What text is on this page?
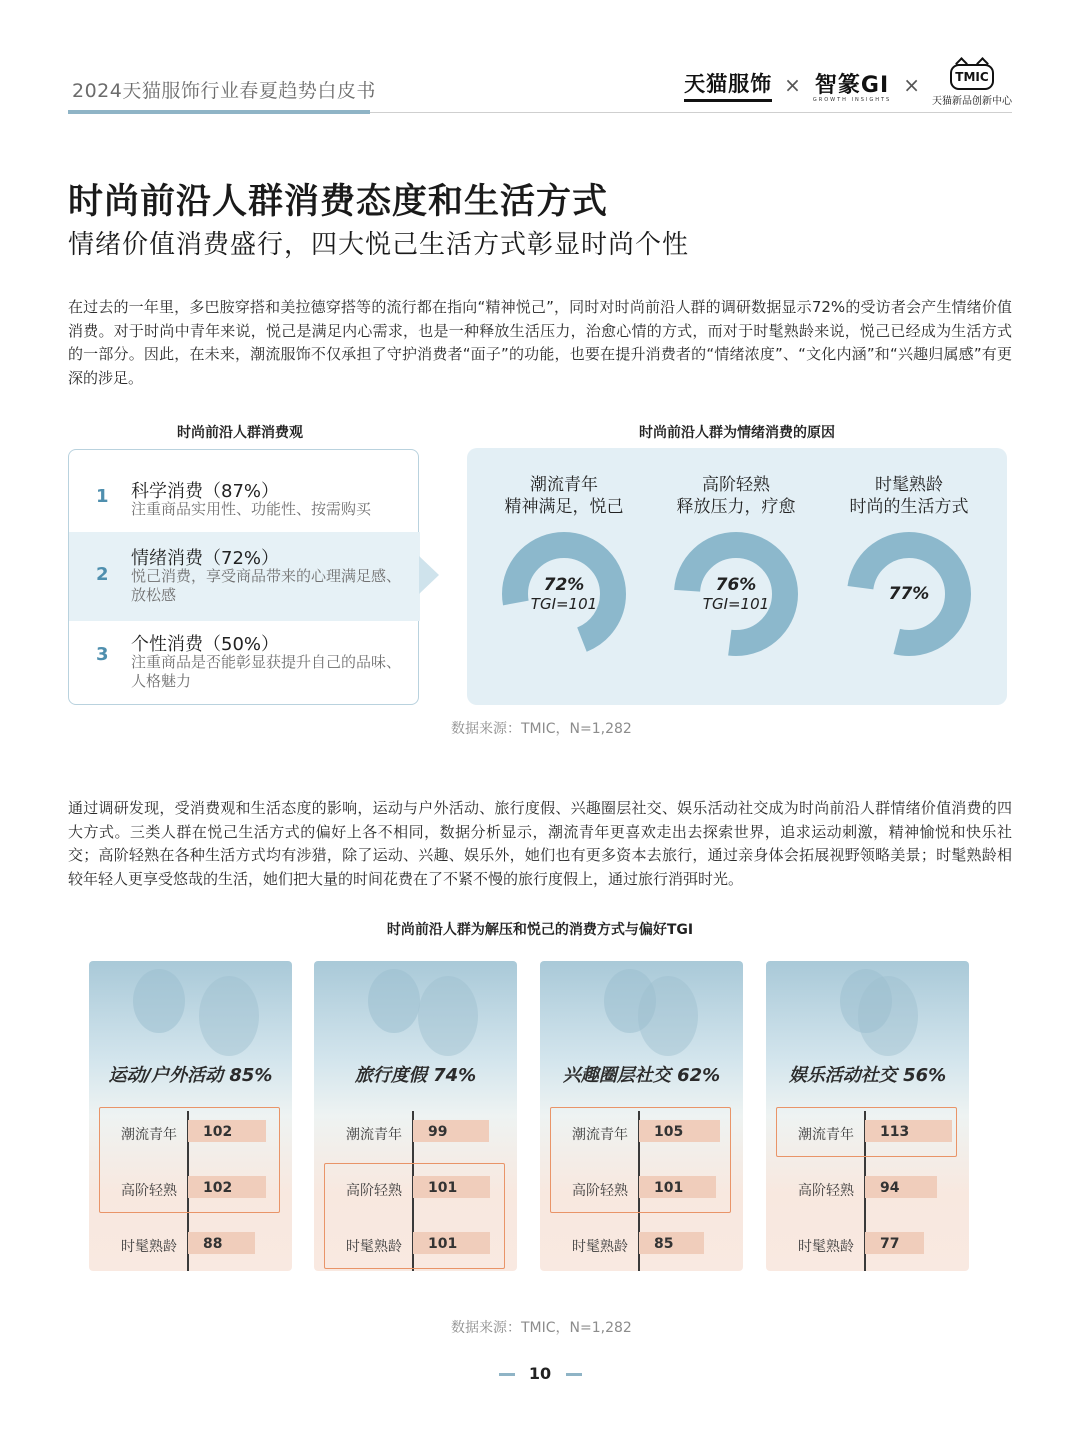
2024天猫服饰行业春夏趋势白皮书	天猫服饰 × 智篆GI
GROWTH INSIGHTS
×	TMIC
天猫新品创新中心
时尚前沿人群消费态度和生活方式
情绪价值消费盛行，四大悦己生活方式彰显时尚个性
在过去的一年里，多巴胺穿搭和美拉德穿搭等的流行都在指向“精神悦己”，同时对时尚前沿人群的调研数据显示72%的受访者会产生情绪价值消费。对于时尚中青年来说，悦己是满足内心需求，也是一种释放生活压力，治愈心情的方式，而对于时髦熟龄来说，悦己已经成为生活方式的一部分。因此，在未来，潮流服饰不仅承担了守护消费者“面子”的功能，也要在提升消费者的“情绪浓度”、“文化内涵”和“兴趣归属感”有更深的涉足。
时尚前沿人群消费观	时尚前沿人群为情绪消费的原因
1 科学消费（87%）
注重商品实用性、功能性、按需购买
2
情绪消费（72%）
悦己消费，享受商品带来的心理满足感、放松感
3 个性消费（50%）
注重商品是否能彰显获提升自己的品味、人格魅力
潮流青年
精神满足，悦己
72%
TGI=101
高阶轻熟
释放压力，疗愈
76%
TGI=101
时髦熟龄
时尚的生活方式
77%
数据来源：TMIC，N=1,282
通过调研发现，受消费观和生活态度的影响，运动与户外活动、旅行度假、兴趣圈层社交、娱乐活动社交成为时尚前沿人群情绪价值消费的四大方式。三类人群在悦己生活方式的偏好上各不相同，数据分析显示，潮流青年更喜欢走出去探索世界，追求运动刺激，精神愉悦和快乐社交；高阶轻熟在各种生活方式均有涉猎，除了运动、兴趣、娱乐外，她们也有更多资本去旅行，通过亲身体会拓展视野领略美景；时髦熟龄相较年轻人更享受悠哉的生活，她们把大量的时间花费在了不紧不慢的旅行度假上，通过旅行消弭时光。
时尚前沿人群为解压和悦己的消费方式与偏好TGI
运动/户外活动 85%
潮流青年 102
高阶轻熟 102
时髦熟龄 88
旅行度假 74%
潮流青年 99
高阶轻熟 101
时髦熟龄 101
兴趣圈层社交 62%
潮流青年 105
高阶轻熟 101
时髦熟龄 85
娱乐活动社交 56%
潮流青年 113
高阶轻熟 94
时髦熟龄 77
数据来源：TMIC，N=1,282
10
